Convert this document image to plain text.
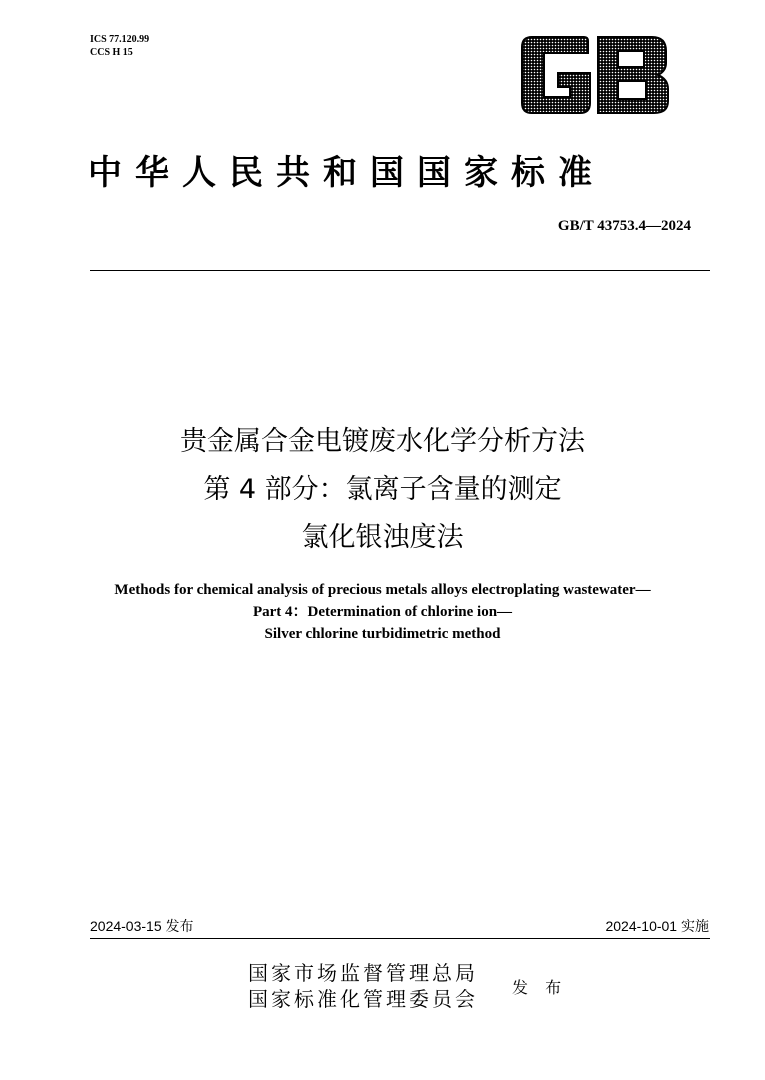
ICS 77.120.99
CCS H 15
GB
中华人民共和国国家标准
GB/T 43753.4—2024
贵金属合金电镀废水化学分析方法
第 4 部分：氯离子含量的测定
氯化银浊度法
Methods for chemical analysis of precious metals alloys electroplating wastewater—
Part 4：Determination of chlorine ion—
Silver chlorine turbidimetric method
2024-03-15 发布	2024-10-01 实施
国家市场监督管理总局
国家标准化管理委员会 发 布
